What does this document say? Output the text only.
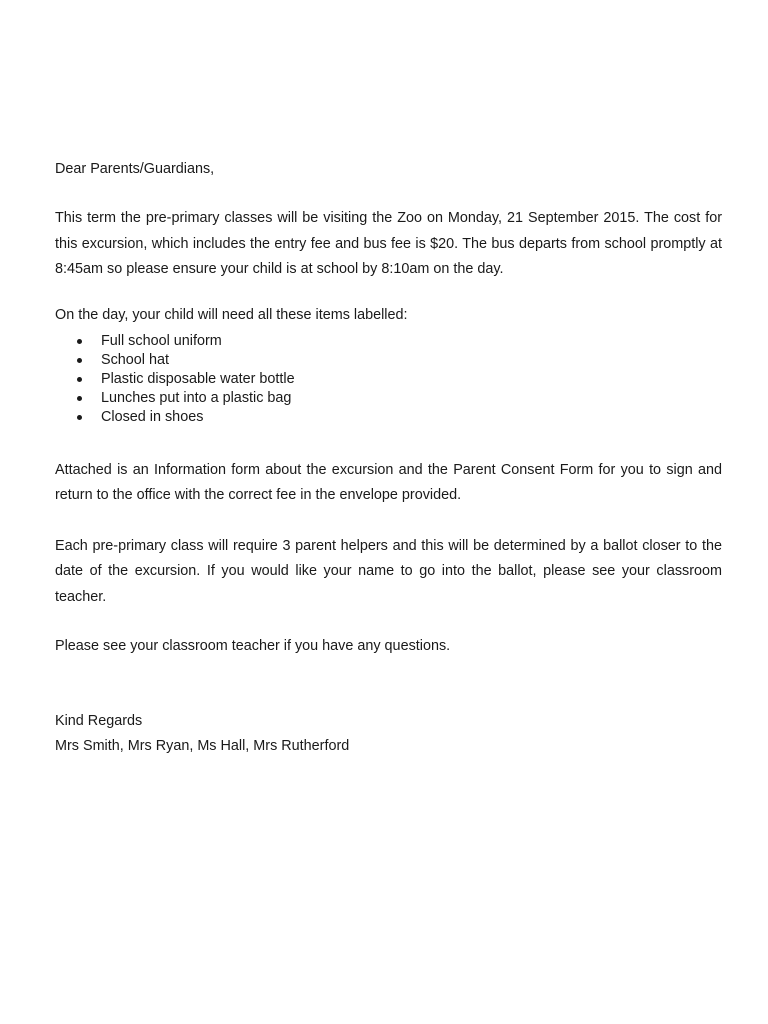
Dear Parents/Guardians,

This term the pre-primary classes will be visiting the Zoo on Monday, 21 September 2015. The cost for this excursion, which includes the entry fee and bus fee is $20. The bus departs from school promptly at 8:45am so please ensure your child is at school by 8:10am on the day.

On the day, your child will need all these items labelled:

Full school uniform
School hat
Plastic disposable water bottle
Lunches put into a plastic bag
Closed in shoes

Attached is an Information form about the excursion and the Parent Consent Form for you to sign and return to the office with the correct fee in the envelope provided.

Each pre-primary class will require 3 parent helpers and this will be determined by a ballot closer to the date of the excursion. If you would like your name to go into the ballot, please see your classroom teacher.

Please see your classroom teacher if you have any questions.

Kind Regards

Mrs Smith, Mrs Ryan, Ms Hall, Mrs Rutherford
